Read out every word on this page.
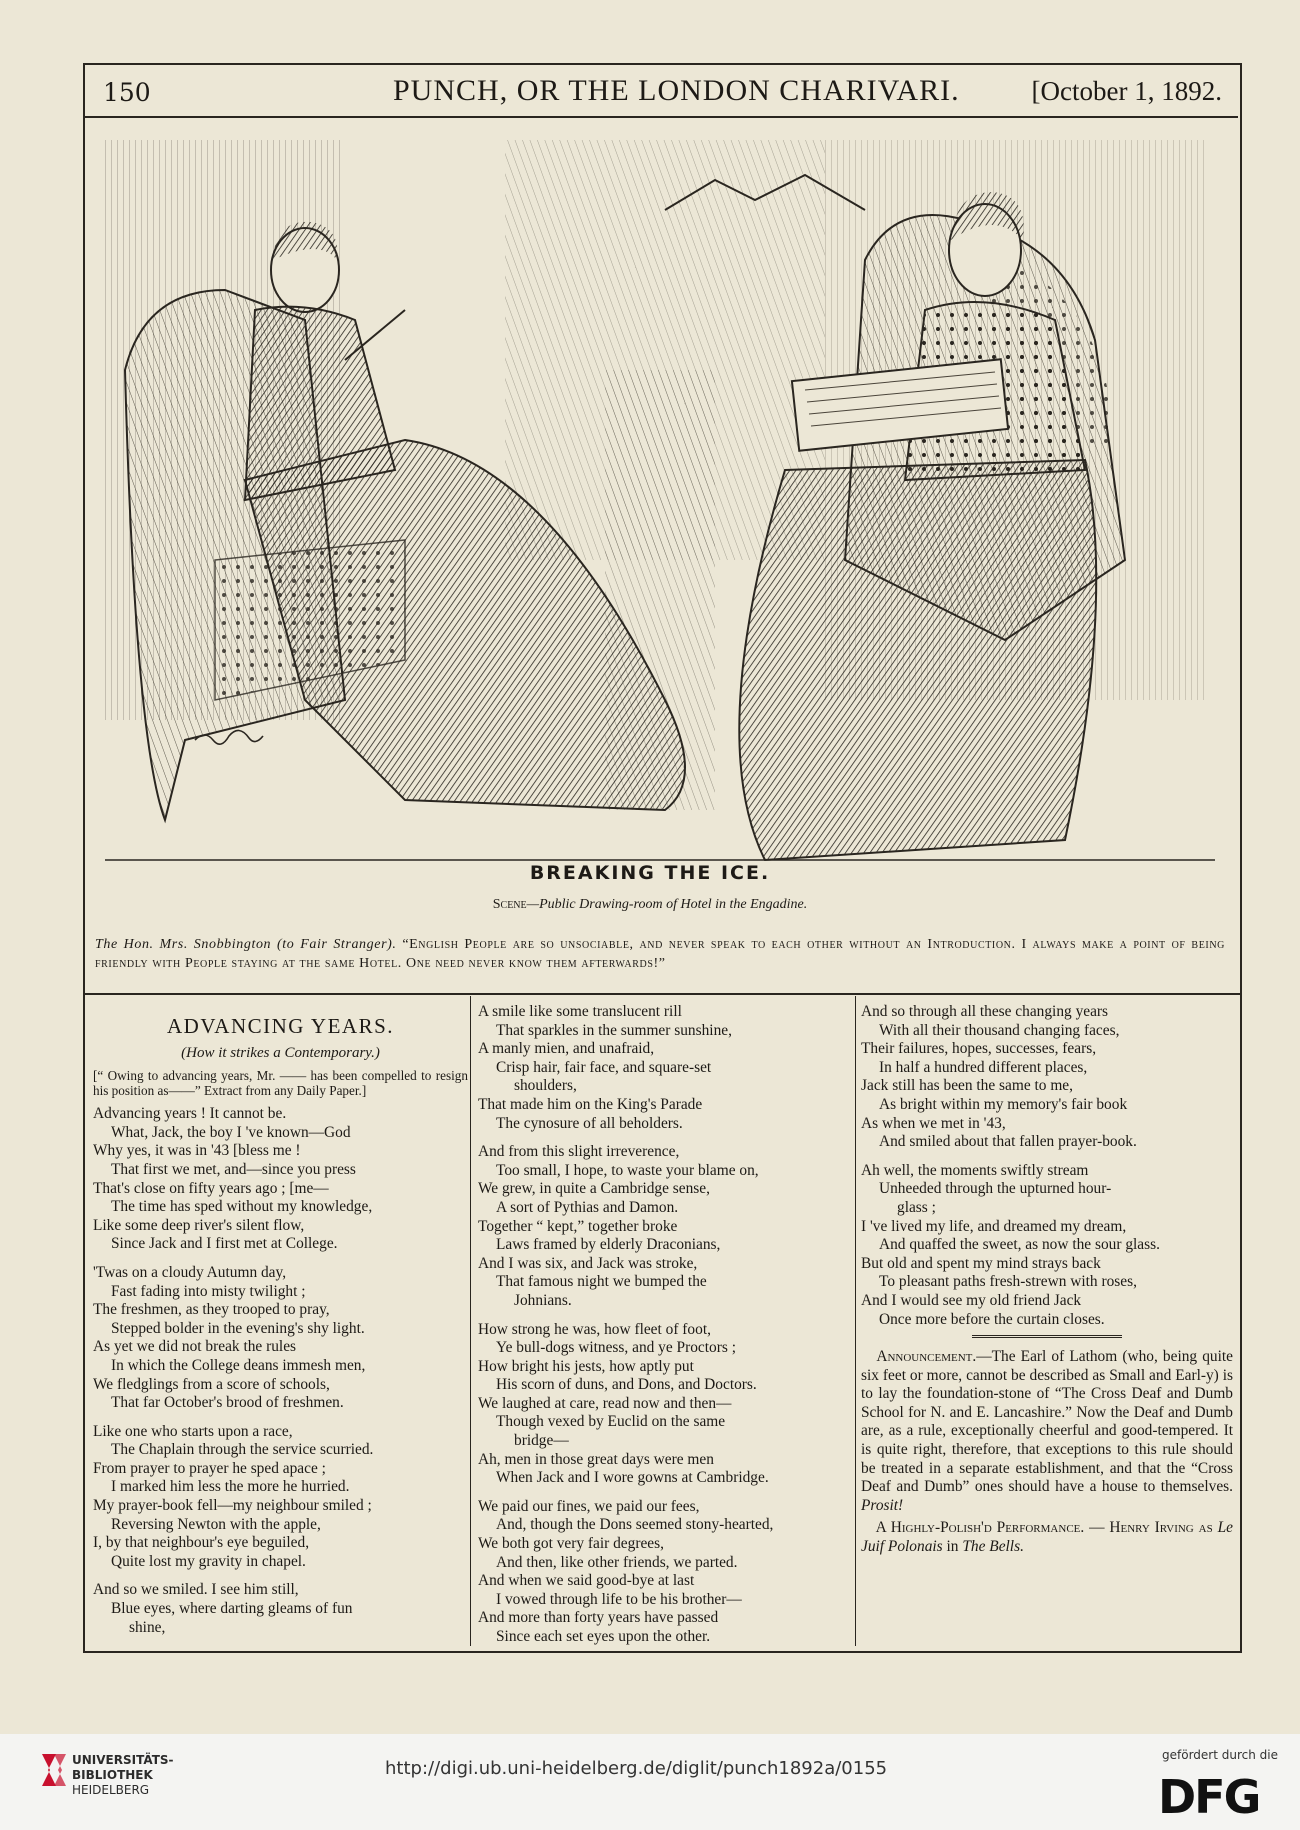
150	PUNCH, OR THE LONDON CHARIVARI.	[October 1, 1892.
BREAKING THE ICE.
Scene—Public Drawing-room of Hotel in the Engadine.
The Hon. Mrs. Snobbington (to Fair Stranger). “English People are so unsociable, and never speak to each other without an Introduction. I always make a point of being friendly with People staying at the same Hotel. One need never know them afterwards!”
ADVANCING YEARS.
(How it strikes a Contemporary.)
[“ Owing to advancing years, Mr. —— has been compelled to resign his position as——” Extract from any Daily Paper.]
Advancing years ! It cannot be.
What, Jack, the boy I 've known—God
Why yes, it was in '43 [bless me !
That first we met, and—since you press
That's close on fifty years ago ; [me—
The time has sped without my knowledge,
Like some deep river's silent flow,
Since Jack and I first met at College.
'Twas on a cloudy Autumn day,
Fast fading into misty twilight ;
The freshmen, as they trooped to pray,
Stepped bolder in the evening's shy light.
As yet we did not break the rules
In which the College deans immesh men,
We fledglings from a score of schools,
That far October's brood of freshmen.
Like one who starts upon a race,
The Chaplain through the service scurried.
From prayer to prayer he sped apace ;
I marked him less the more he hurried.
My prayer-book fell—my neighbour smiled ;
Reversing Newton with the apple,
I, by that neighbour's eye beguiled,
Quite lost my gravity in chapel.
And so we smiled. I see him still,
Blue eyes, where darting gleams of fun
shine,
A smile like some translucent rill
That sparkles in the summer sunshine,
A manly mien, and unafraid,
Crisp hair, fair face, and square-set
shoulders,
That made him on the King's Parade
The cynosure of all beholders.
And from this slight irreverence,
Too small, I hope, to waste your blame on,
We grew, in quite a Cambridge sense,
A sort of Pythias and Damon.
Together “ kept,” together broke
Laws framed by elderly Draconians,
And I was six, and Jack was stroke,
That famous night we bumped the
Johnians.
How strong he was, how fleet of foot,
Ye bull-dogs witness, and ye Proctors ;
How bright his jests, how aptly put
His scorn of duns, and Dons, and Doctors.
We laughed at care, read now and then—
Though vexed by Euclid on the same
bridge—
Ah, men in those great days were men
When Jack and I wore gowns at Cambridge.
We paid our fines, we paid our fees,
And, though the Dons seemed stony-hearted,
We both got very fair degrees,
And then, like other friends, we parted.
And when we said good-bye at last
I vowed through life to be his brother—
And more than forty years have passed
Since each set eyes upon the other.
And so through all these changing years
With all their thousand changing faces,
Their failures, hopes, successes, fears,
In half a hundred different places,
Jack still has been the same to me,
As bright within my memory's fair book
As when we met in '43,
And smiled about that fallen prayer-book.
Ah well, the moments swiftly stream
Unheeded through the upturned hour-
glass ;
I 've lived my life, and dreamed my dream,
And quaffed the sweet, as now the sour glass.
But old and spent my mind strays back
To pleasant paths fresh-strewn with roses,
And I would see my old friend Jack
Once more before the curtain closes.
Announcement.—The Earl of Lathom (who, being quite six feet or more, cannot be described as Small and Earl-y) is to lay the foundation-stone of “The Cross Deaf and Dumb School for N. and E. Lancashire.” Now the Deaf and Dumb are, as a rule, exceptionally cheerful and good-tempered. It is quite right, therefore, that exceptions to this rule should be treated in a separate establishment, and that the “Cross Deaf and Dumb” ones should have a house to themselves. Prosit!
A Highly-Polish'd Performance. — Henry Irving as Le Juif Polonais in The Bells.
UNIVERSITÄTS-
BIBLIOTHEK
HEIDELBERG
http://digi.ub.uni-heidelberg.de/diglit/punch1892a/0155
gefördert durch die
DFG
